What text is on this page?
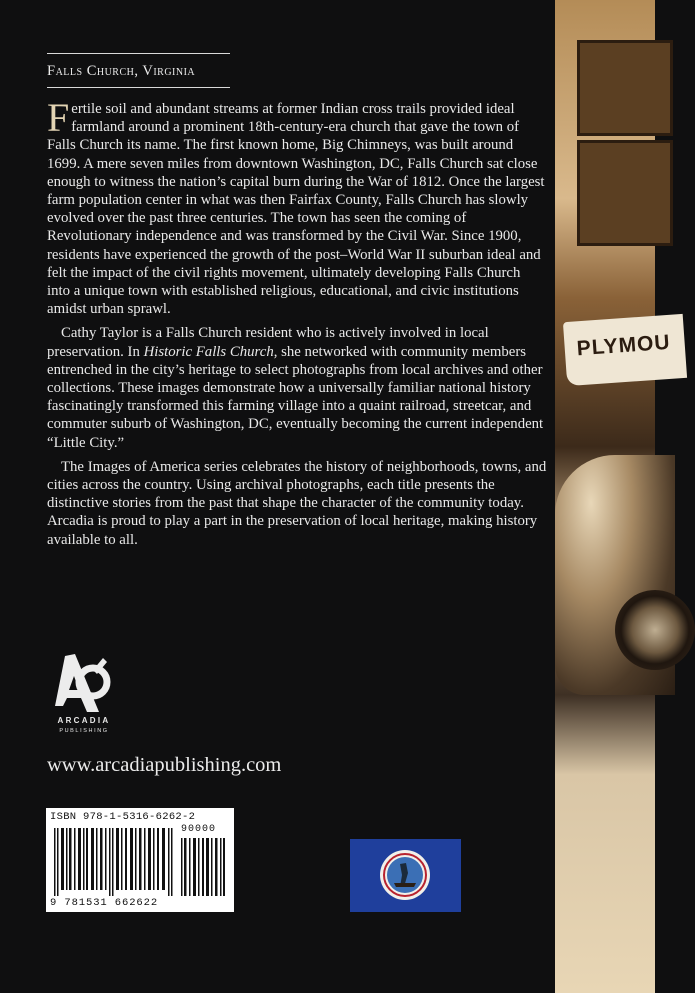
PLYMOU
Falls Church, Virginia

Fertile soil and abundant streams at former Indian cross trails provided ideal farmland around a prominent 18th-century-era church that gave the town of Falls Church its name. The first known home, Big Chimneys, was built around 1699. A mere seven miles from downtown Washington, DC, Falls Church sat close enough to witness the nation’s capital burn during the War of 1812. Once the largest farm population center in what was then Fairfax County, Falls Church has slowly evolved over the past three centuries. The town has seen the coming of Revolutionary independence and was transformed by the Civil War. Since 1900, residents have experienced the growth of the post–World War II suburban ideal and felt the impact of the civil rights movement, ultimately developing Falls Church into a unique town with established religious, educational, and civic institutions amidst urban sprawl.

Cathy Taylor is a Falls Church resident who is actively involved in local preservation. In Historic Falls Church, she networked with community members entrenched in the city’s heritage to select photographs from local archives and other collections. These images demonstrate how a universally familiar national history fascinatingly transformed this farming village into a quaint railroad, streetcar, and commuter suburb of Washington, DC, eventually becoming the current independent “Little City.”

The Images of America series celebrates the history of neighborhoods, towns, and cities across the country. Using archival photographs, each title presents the distinctive stories from the past that shape the character of the community today. Arcadia is proud to play a part in the preservation of local heritage, making history available to all.

ARCADIA
PUBLISHING
www.arcadiapublishing.com
ISBN 978-1-5316-6262-2
90000
9 781531 662622
